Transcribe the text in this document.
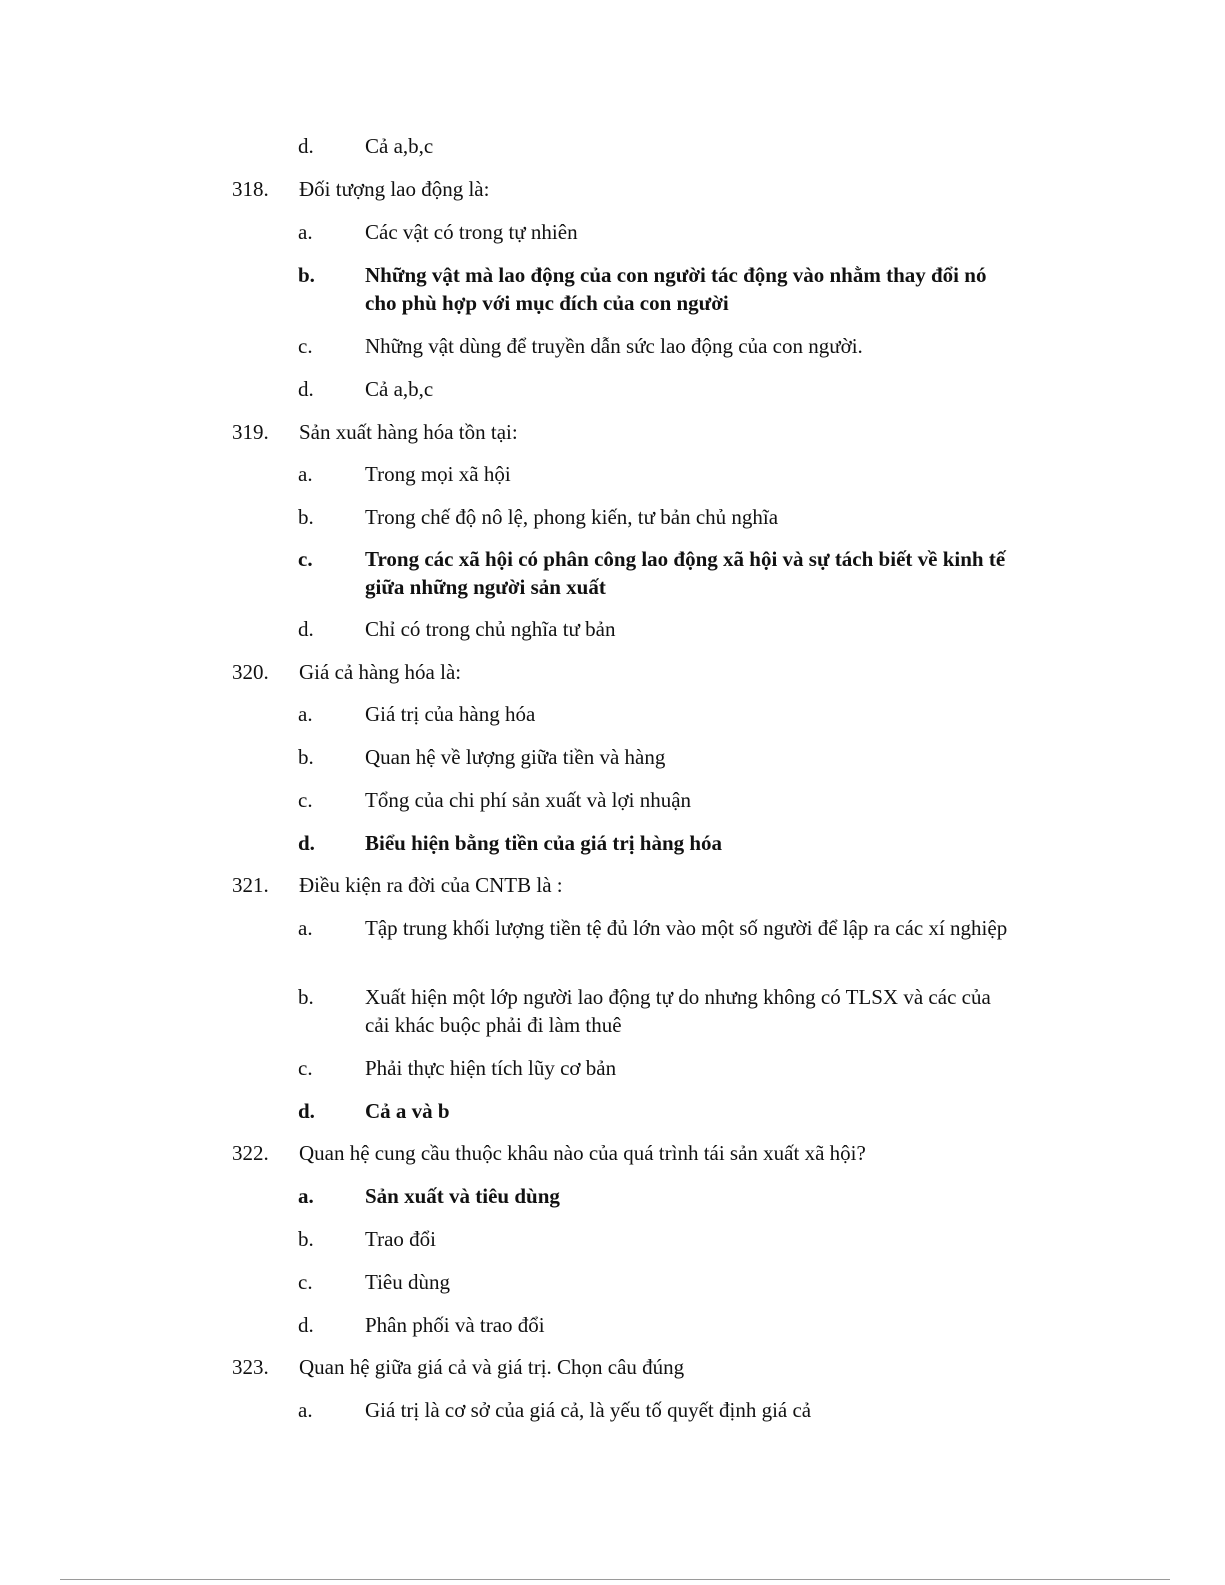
d. Cả a,b,c
318. Đối tượng lao động là:
a. Các vật có trong tự nhiên
b. Những vật mà lao động của con người tác động vào nhằm thay đổi nó cho phù hợp với mục đích của con người
c. Những vật dùng để truyền dẫn sức lao động của con người.
d. Cả a,b,c
319. Sản xuất hàng hóa tồn tại:
a. Trong mọi xã hội
b. Trong chế độ nô lệ, phong kiến, tư bản chủ nghĩa
c. Trong các xã hội có phân công lao động xã hội và sự tách biết về kinh tế giữa những người sản xuất
d. Chỉ có trong chủ nghĩa tư bản
320. Giá cả hàng hóa là:
a. Giá trị của hàng hóa
b. Quan hệ về lượng giữa tiền và hàng
c. Tổng của chi phí sản xuất và lợi nhuận
d. Biểu hiện bằng tiền của giá trị hàng hóa
321. Điều kiện ra đời của CNTB là :
a.	Tập trung khối lượng tiền tệ đủ lớn vào một số người để lập ra các xí nghiệp
b. Xuất hiện một lớp người lao động tự do nhưng không có TLSX và các của cải khác buộc phải đi làm thuê
c. Phải thực hiện tích lũy cơ bản
d. Cả a và b
322. Quan hệ cung cầu thuộc khâu nào của quá trình tái sản xuất xã hội?
a. Sản xuất và tiêu dùng
b. Trao đổi
c. Tiêu dùng
d. Phân phối và trao đổi
323. Quan hệ giữa giá cả và giá trị. Chọn câu đúng
a. Giá trị là cơ sở của giá cả, là yếu tố quyết định giá cả
